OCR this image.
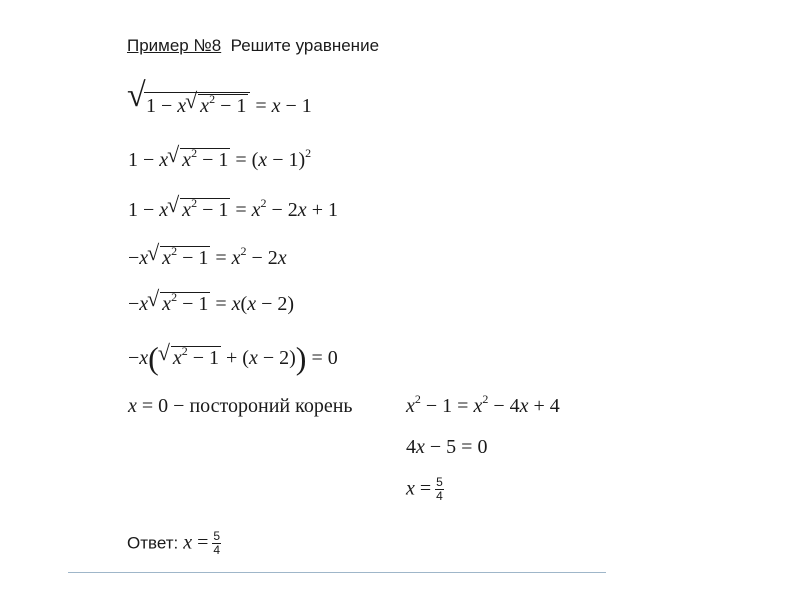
Пример №8 Решите уравнение
√ 1 − x √ $x^2 - 1 = x - 1$
1 − x √ $x^2 - 1 = (x - 1)^2$
1 − x √ $x^2 - 1 = x^2 - 2x + 1$
−x √ $x^2 - 1 = x^2 - 2x$
−x √ $x^2 - 1 = x(x - 2)$
−x( √ $x^2 - 1 + (x - 2)) = 0$
x = 0 − постороний корень	$x^2 - 1 = x^2 - 4x + 4$
4x − 5 = 0
$x = \frac{5}{4}$
Ответ: $x = \frac{5}{4}$
